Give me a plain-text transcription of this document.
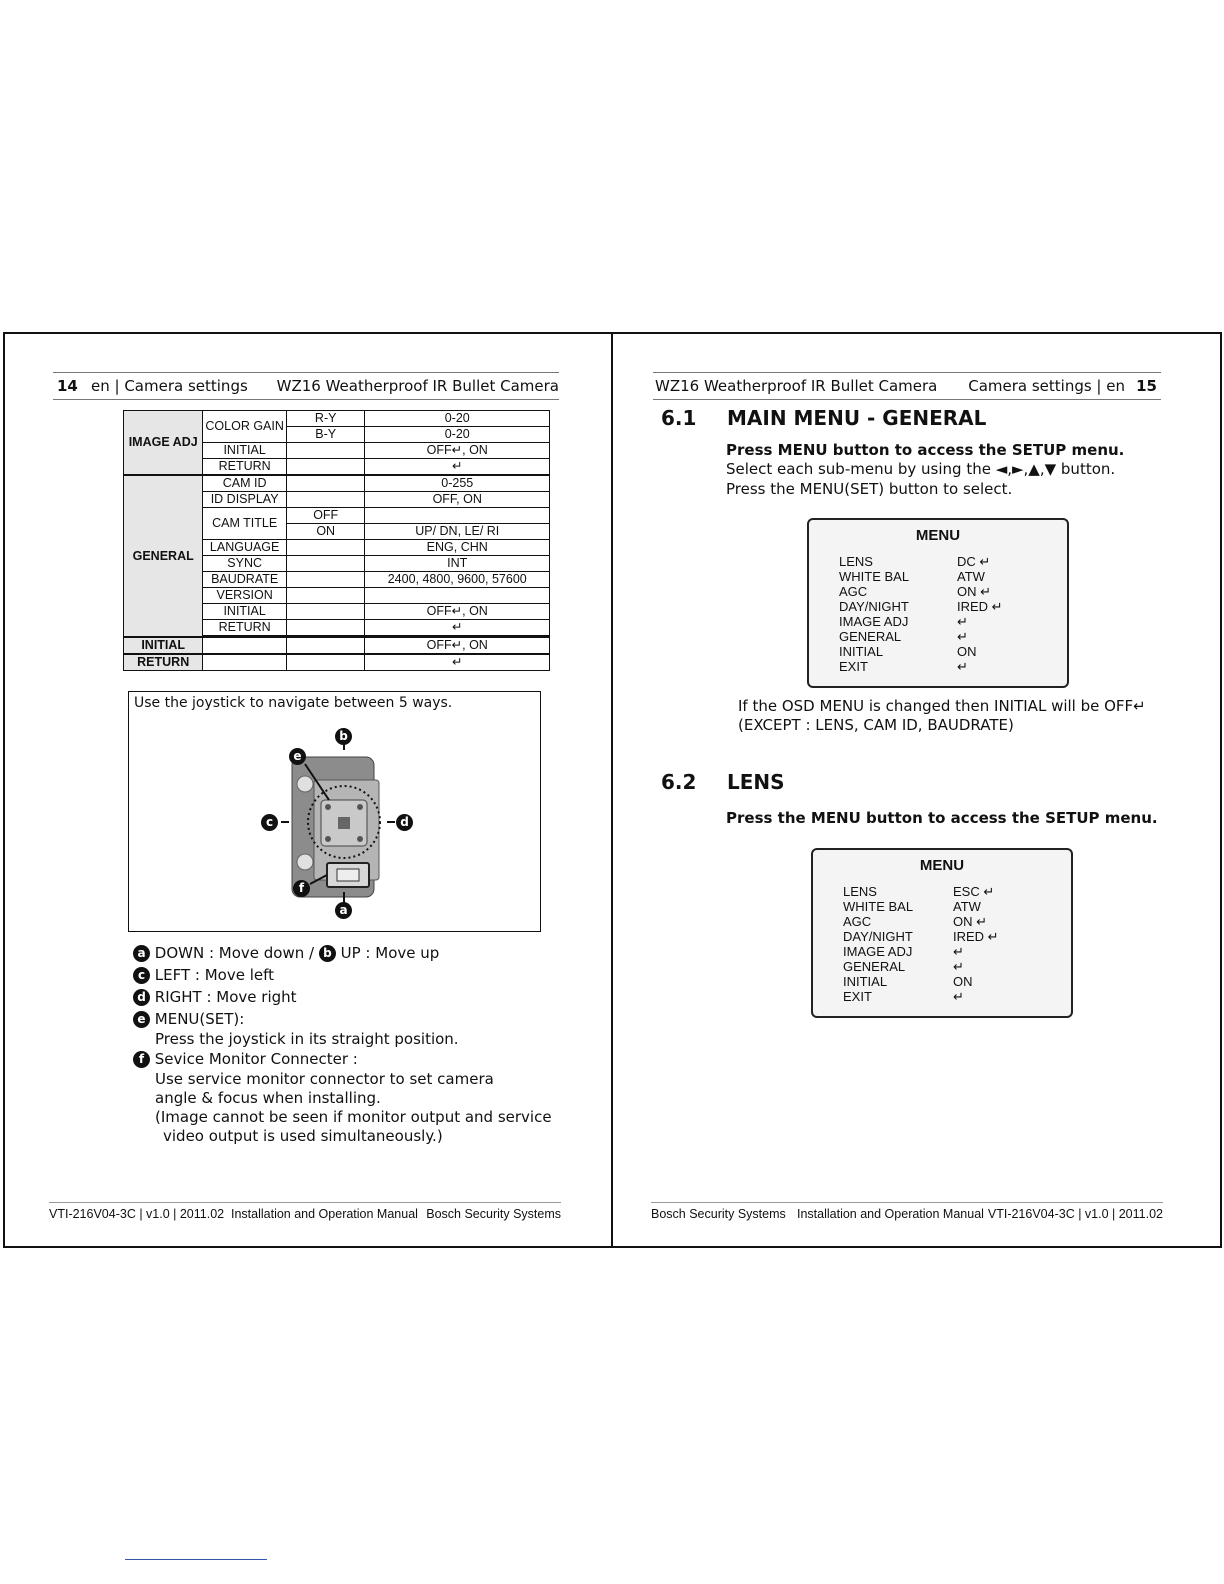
14 en | Camera settings WZ16 Weatherproof IR Bullet Camera
IMAGE ADJ	COLOR GAIN	R-Y	0-20
		B-Y	0-20
	INITIAL		OFF↵, ON
	RETURN		↵
GENERAL	CAM ID		0-255
	ID DISPLAY		OFF, ON
	CAM TITLE	OFF	
		ON	UP/ DN, LE/ RI
	LANGUAGE		ENG, CHN
	SYNC		INT
	BAUDRATE		2400, 4800, 9600, 57600
	VERSION		
	INITIAL		OFF↵, ON
	RETURN		↵

INITIAL			OFF↵, ON
RETURN			↵
Use the joystick to navigate between 5 ways.
b
e
c	d
f
a
a DOWN : Move down / b UP : Move up
c LEFT : Move left
d RIGHT : Move right
e MENU(SET):
Press the joystick in its straight position.
f Sevice Monitor Connecter :
Use service monitor connector to set camera
angle & focus when installing.
(Image cannot be seen if monitor output and service
video output is used simultaneously.)
VTI-216V04-3C | v1.0 | 2011.02 Installation and Operation Manual Bosch Security Systems
WZ16 Weatherproof IR Bullet Camera Camera settings | en 15
6.1 MAIN MENU - GENERAL
Press MENU button to access the SETUP menu.
Select each sub-menu by using the ◄,►,▲,▼ button.
Press the MENU(SET) button to select.
MENU
LENS	DC ↵
WHITE BAL	ATW
AGC	ON ↵
DAY/NIGHT	IRED ↵
IMAGE ADJ	↵
GENERAL	↵
INITIAL	ON
EXIT	↵
If the OSD MENU is changed then INITIAL will be OFF↵
(EXCEPT : LENS, CAM ID, BAUDRATE)
6.2 LENS
Press the MENU button to access the SETUP menu.
MENU
LENS	ESC ↵
WHITE BAL	ATW
AGC	ON ↵
DAY/NIGHT	IRED ↵
IMAGE ADJ	↵
GENERAL	↵
INITIAL	ON
EXIT	↵
Bosch Security Systems Installation and Operation Manual VTI-216V04-3C | v1.0 | 2011.02
